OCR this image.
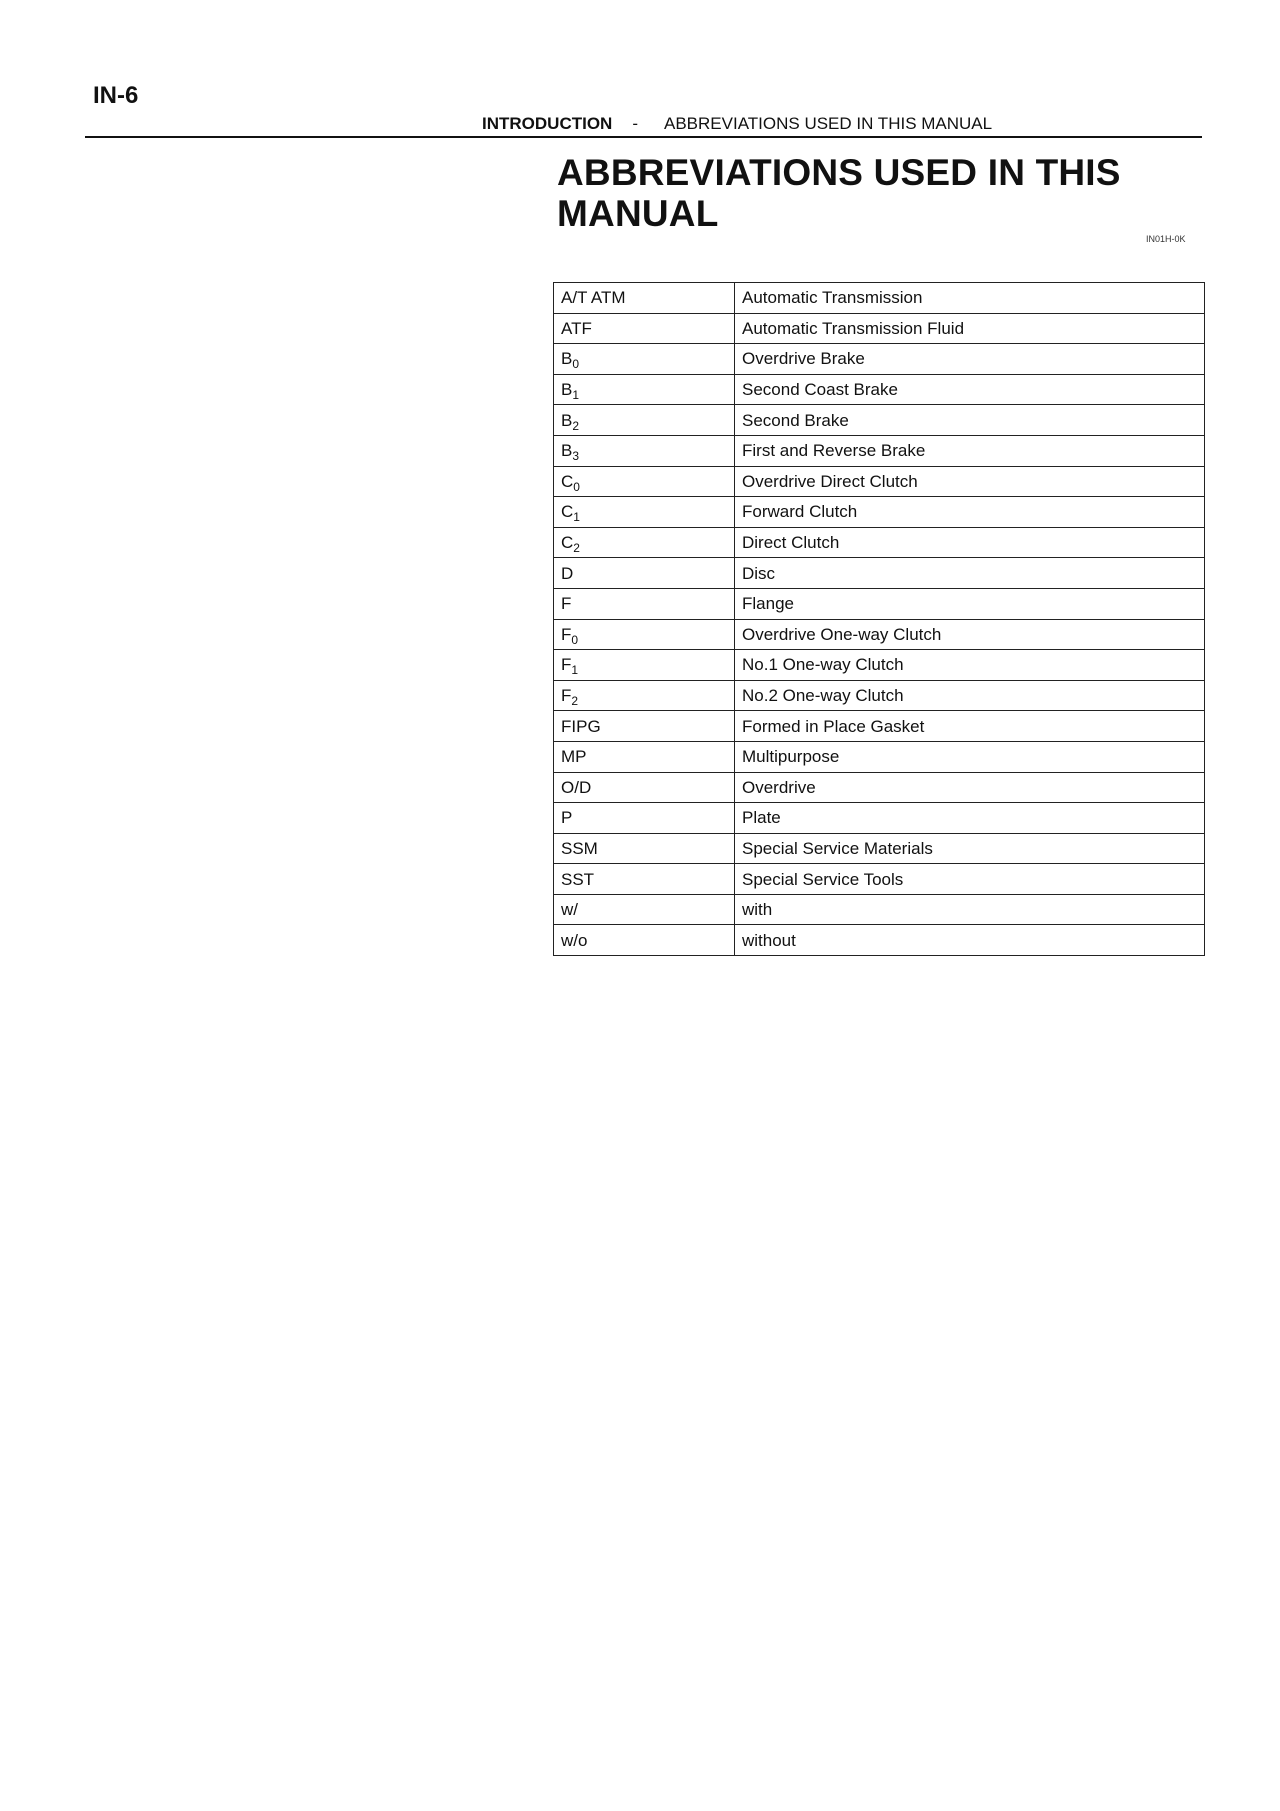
IN-6
INTRODUCTION - ABBREVIATIONS USED IN THIS MANUAL
ABBREVIATIONS USED IN THIS MANUAL
IN01H-0K
A/T ATM	Automatic Transmission
ATF	Automatic Transmission Fluid
$B_0$	Overdrive Brake
$B_1$	Second Coast Brake
$B_2$	Second Brake
$B_3$	First and Reverse Brake
$C_0$	Overdrive Direct Clutch
$C_1$	Forward Clutch
$C_2$	Direct Clutch
D	Disc
F	Flange
$F_0$	Overdrive One-way Clutch
$F_1$	No.1 One-way Clutch
$F_2$	No.2 One-way Clutch
FIPG	Formed in Place Gasket
MP	Multipurpose
O/D	Overdrive
P	Plate
SSM	Special Service Materials
SST	Special Service Tools
w/	with
w/o	without
